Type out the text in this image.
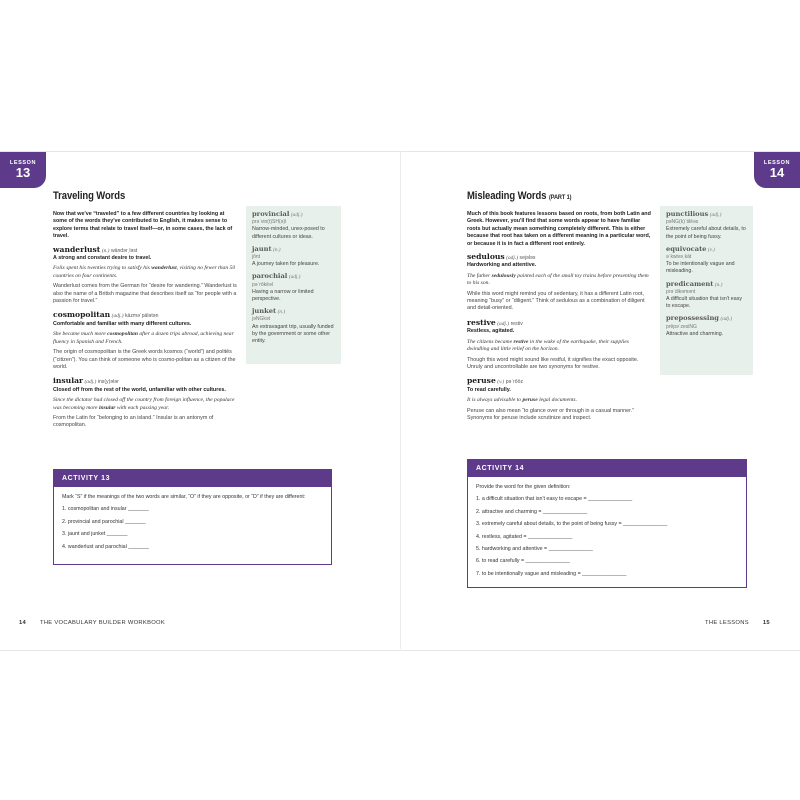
LESSON
13
Traveling Words

Now that we've “traveled” to a few different countries by looking at some of the words they've contributed to English, it makes sense to explore terms that relate to travel itself—or, in some cases, the lack of travel.

wanderlust (n.) wändərˌləst
A strong and constant desire to travel.
Folix spent his twenties trying to satisfy his wanderlust, visiting no fewer than 50 countries on four continents.
Wanderlust comes from the German for “desire for wandering.” Wanderlust is also the name of a British magazine that describes itself as “for people with a passion for travel.”
cosmopolitan (adj.) käzməˈpälətən
Comfortable and familiar with many different cultures.
She became much more cosmopolitan after a dozen trips abroad, achieving near fluency in Spanish and French.
The origin of cosmopolitan is the Greek words kosmos (“world”) and politēs (“citizen”). You can think of someone who is cosmo-politan as a citizen of the world.
insular (adj.) ins(y)ələr
Closed off from the rest of the world, unfamiliar with other cultures.
Since the dictator had closed off the country from foreign influence, the populace was becoming more insular with each passing year.
From the Latin for “belonging to an island.” Insular is an antonym of cosmopolitan.
provincial (adj.)
prəˈvin(t)SH(ə)l
Narrow-minded, unex-posed to different cultures or ideas.
jaunt (n.)
jônt
A journey taken for pleasure.
parochial (adj.)
pəˈrōkēəl
Having a narrow or limited perspective.
junket (n.)
jəNGkət
An extravagant trip, usually funded by the government or some other entity.
ACTIVITY 13
Mark “S” if the meanings of the two words are similar, “O” if they are opposite, or “D” if they are different:
1. cosmopolitan and insular _______
2. provincial and parochial _______
3. jaunt and junket _______
4. wanderlust and parochial _______
14 THE VOCABULARY BUILDER WORKBOOK
LESSON
14
Misleading Words (PART 1)

Much of this book features lessons based on roots, from both Latin and Greek. However, you'll find that some words appear to have familiar roots but actually mean something completely different. This is either because that root has taken on a different meaning in a particular word, or because it is in fact a different root entirely.

sedulous (adj.) sejələs
Hardworking and attentive.
The father sedulously painted each of the small toy trains before presenting them to his son.
While this word might remind you of sedentary, it has a different Latin root, meaning “busy” or “diligent.” Think of sedulous as a combination of diligent and detail-oriented.
restive (adj.) restiv
Restless, agitated.
The citizens became restive in the wake of the earthquake, their supplies dwindling and little relief on the horizon.
Though this word might sound like restful, it signifies the exact opposite. Unruly and uncontrollable are two synonyms for restive.
peruse (v.) pəˈrōōz
To read carefully.
It is always advisable to peruse legal documents.
Peruse can also mean “to glance over or through in a casual manner.” Synonyms for peruse include scrutinize and inspect.
punctilious (adj.)
pəNG(k)ˈtilēəs
Extremely careful about details, to the point of being fussy.
equivocate (v.)
əˈkwivəˌkāt
To be intentionally vague and misleading.
predicament (n.)
prəˈdikəmənt
A difficult situation that isn't easy to escape.
prepossessing (adj.)
prēpəˈzesiNG
Attractive and charming.
ACTIVITY 14
Provide the word for the given definition:
1. a difficult situation that isn't easy to escape = _______________
2. attractive and charming = _______________
3. extremely careful about details, to the point of being fussy = _______________
4. restless, agitated = _______________
5. hardworking and attentive = _______________
6. to read carefully = _______________
7. to be intentionally vague and misleading = _______________
THE LESSONS 15
